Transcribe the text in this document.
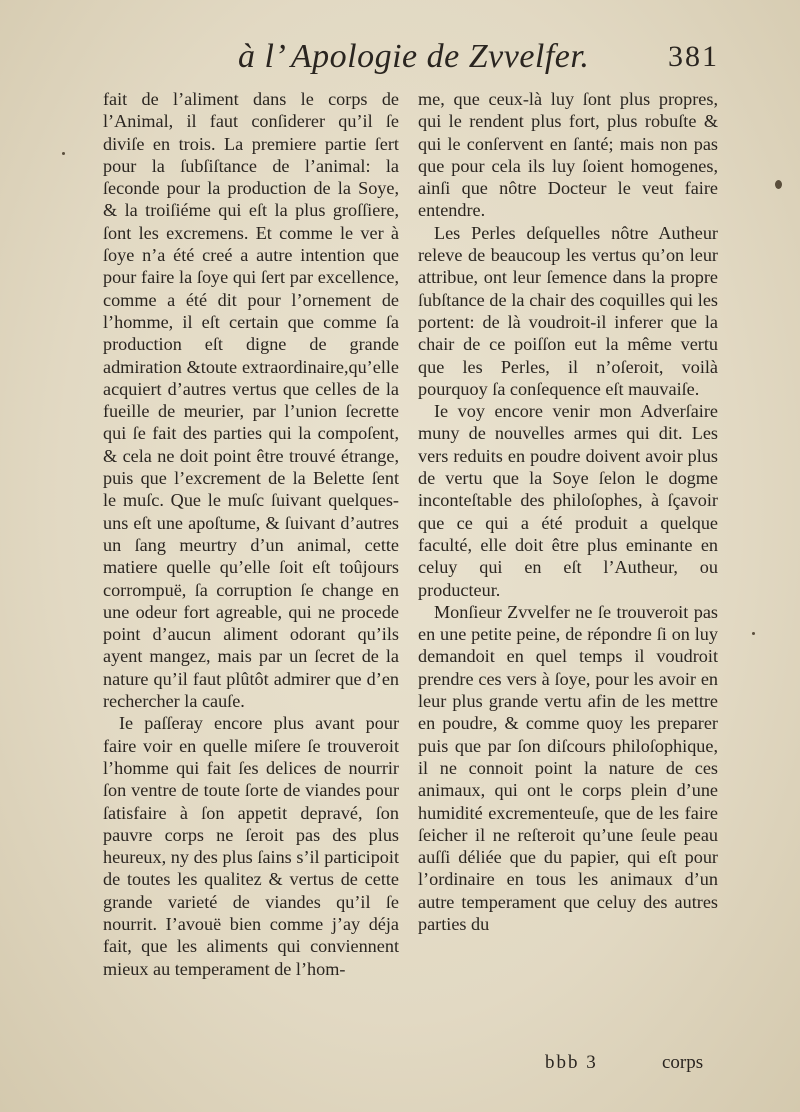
à l’ Apologie de Zvvelfer.	381

fait de l’aliment dans le corps de l’Animal, il faut conſiderer qu’il ſe diviſe en trois. La premiere partie ſert pour la ſubſiſtance de l’animal: la ſeconde pour la production de la Soye, & la troiſiéme qui eſt la plus groſſiere, ſont les excremens. Et comme le ver à ſoye n’a été creé a autre intention que pour faire la ſoye qui ſert par excellence, comme a été dit pour l’ornement de l’homme, il eſt certain que comme ſa production eſt digne de grande admiration &toute extraordinaire,qu’elle acquiert d’autres vertus que celles de la fueille de meurier, par l’union ſecrette qui ſe fait des parties qui la compoſent, & cela ne doit point être trouvé étrange, puis que l’excrement de la Belette ſent le muſc. Que le muſc ſuivant quelques-uns eſt une apoſtume, & ſuivant d’autres un ſang meurtry d’un animal, cette matiere quelle qu’elle ſoit eſt toûjours corrompuë, ſa corruption ſe change en une odeur fort agreable, qui ne procede point d’aucun aliment odorant qu’ils ayent mangez, mais par un ſecret de la nature qu’il faut plûtôt admirer que d’en rechercher la cauſe.

Ie paſſeray encore plus avant pour faire voir en quelle miſere ſe trouveroit l’homme qui fait ſes delices de nourrir ſon ventre de toute ſorte de viandes pour ſatisfaire à ſon appetit depravé, ſon pauvre corps ne ſeroit pas des plus heureux, ny des plus ſains s’il participoit de toutes les qualitez & vertus de cette grande varieté de viandes qu’il ſe nourrit. I’avouë bien comme j’ay déja fait, que les aliments qui conviennent mieux au temperament de l’hom-

me, que ceux-là luy ſont plus propres, qui le rendent plus fort, plus robuſte & qui le conſervent en ſanté; mais non pas que pour cela ils luy ſoient homogenes, ainſi que nôtre Docteur le veut faire entendre.

Les Perles deſquelles nôtre Autheur releve de beaucoup les vertus qu’on leur attribue, ont leur ſemence dans la propre ſubſtance de la chair des coquilles qui les portent: de là voudroit-il inferer que la chair de ce poiſſon eut la même vertu que les Perles, il n’oſeroit, voilà pourquoy ſa conſequence eſt mauvaiſe.

Ie voy encore venir mon Adverſaire muny de nouvelles armes qui dit. Les vers reduits en poudre doivent avoir plus de vertu que la Soye ſelon le dogme inconteſtable des philoſophes, à ſçavoir que ce qui a été produit a quelque faculté, elle doit être plus eminante en celuy qui en eſt l’Autheur, ou producteur.

Monſieur Zvvelfer ne ſe trouveroit pas en une petite peine, de répondre ſi on luy demandoit en quel temps il voudroit prendre ces vers à ſoye, pour les avoir en leur plus grande vertu afin de les mettre en poudre, & comme quoy les preparer puis que par ſon diſcours philoſophique, il ne connoit point la nature de ces animaux, qui ont le corps plein d’une humidité excrementeuſe, que de les faire ſeicher il ne reſteroit qu’une ſeule peau auſſi déliée que du papier, qui eſt pour l’ordinaire en tous les animaux d’un autre temperament que celuy des autres parties du

bbb 3	corps
